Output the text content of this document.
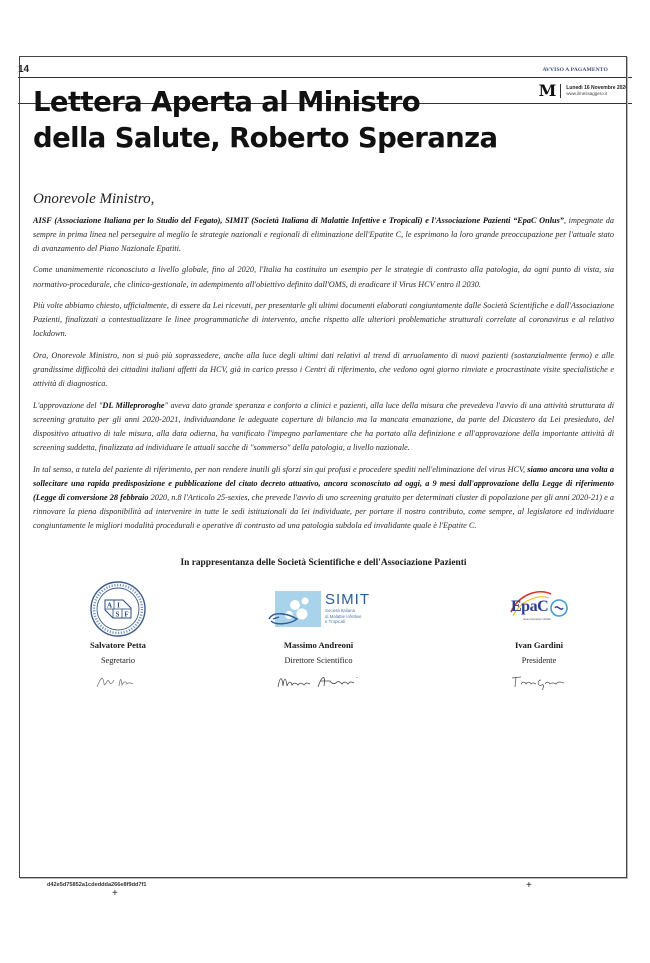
14
M Lunedì 16 Novembre 2020
www.ilmessaggero.it
AVVISO A PAGAMENTO
Lettera Aperta al Ministro
della Salute, Roberto Speranza

Onorevole Ministro,

AISF (Associazione Italiana per lo Studio del Fegato), SIMIT (Società Italiana di Malattie Infettive e Tropicali) e l'Associazione Pazienti “EpaC Onlus”, impegnate da sempre in prima linea nel perseguire al meglio le strategie nazionali e regionali di eliminazione dell'Epatite C, le esprimono la loro grande preoccupazione per l'attuale stato di avanzamento del Piano Nazionale Epatiti.

Come unanimemente riconosciuto a livello globale, fino al 2020, l'Italia ha costituito un esempio per le strategie di contrasto alla patologia, da ogni punto di vista, sia normativo-procedurale, che clinico-gestionale, in adempimento all'obiettivo definito dall'OMS, di eradicare il Virus HCV entro il 2030.

Più volte abbiamo chiesto, ufficialmente, di essere da Lei ricevuti, per presentarle gli ultimi documenti elaborati congiuntamente dalle Società Scientifiche e dall'Associazione Pazienti, finalizzati a contestualizzare le linee programmatiche di intervento, anche rispetto alle ulteriori problematiche strutturali correlate al coronavirus e al relativo lockdown.

Ora, Onorevole Ministro, non si può più soprassedere, anche alla luce degli ultimi dati relativi al trend di arruolamento di nuovi pazienti (sostanzialmente fermo) e alle grandissime difficoltà dei cittadini italiani affetti da HCV, già in carico presso i Centri di riferimento, che vedono ogni giorno rinviate e procrastinate visite specialistiche e attività di diagnostica.

L'approvazione del "DL Milleproroghe" aveva dato grande speranza e conforto a clinici e pazienti, alla luce della misura che prevedeva l'avvio di una attività strutturata di screening gratuito per gli anni 2020-2021, individuandone le adeguate coperture di bilancio ma la mancata emanazione, da parte del Dicastero da Lei presieduto, del dispositivo attuativo di tale misura, alla data odierna, ha vanificato l'impegno parlamentare che ha portato alla definizione e all'approvazione della importante attività di screening suddetta, finalizzata ad individuare le attuali sacche di "sommerso" della patologia, a livello nazionale.

In tal senso, a tutela del paziente di riferimento, per non rendere inutili gli sforzi sin qui profusi e procedere spediti nell'eliminazione del virus HCV, siamo ancora una volta a sollecitare una rapida predisposizione e pubblicazione del citato decreto attuativo, ancora sconosciuto ad oggi, a 9 mesi dall'approvazione della Legge di riferimento (Legge di conversione 28 febbraio 2020, n.8 l'Articolo 25-sexies, che prevede l'avvio di uno screening gratuito per determinati cluster di popolazione per gli anni 2020-21) e a rinnovare la piena disponibilità ad intervenire in tutte le sedi istituzionali da lei individuate, per portare il nostro contributo, come sempre, al legislatore ed individuare congiuntamente le migliori modalità procedurali e operative di contrasto ad una patologia subdola ed invalidante quale è l'Epatite C.

In rappresentanza delle Società Scientifiche e dell'Associazione Pazienti
A I
S F
Salvatore Petta
Segretario
SIMIT
Società Italiana
di Malattie Infettive
e Tropicali
Massimo Andreoni
Direttore Scientifico
EpaC
Associazione Onlus
Ivan Gardini
Presidente
d42e5d75852a1cdeddda266e8f9dd7f1
+
+
